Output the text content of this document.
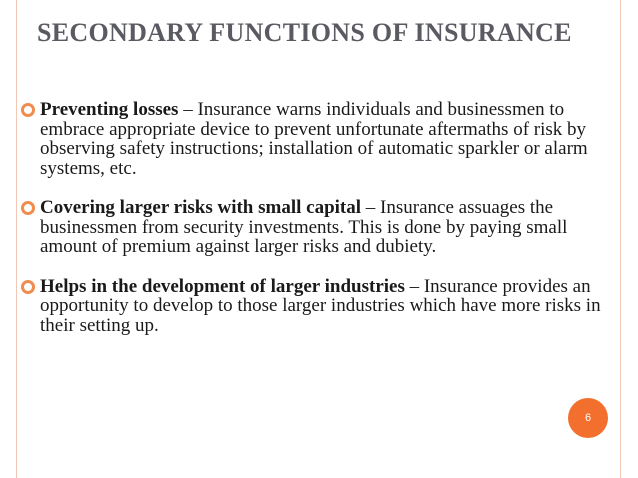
SECONDARY FUNCTIONS OF INSURANCE
Preventing losses – Insurance warns individuals and businessmen to embrace appropriate device to prevent unfortunate aftermaths of risk by observing safety instructions; installation of automatic sparkler or alarm systems, etc.
Covering larger risks with small capital – Insurance assuages the businessmen from security investments. This is done by paying small amount of premium against larger risks and dubiety.
Helps in the development of larger industries – Insurance provides an opportunity to develop to those larger industries which have more risks in their setting up.
6
